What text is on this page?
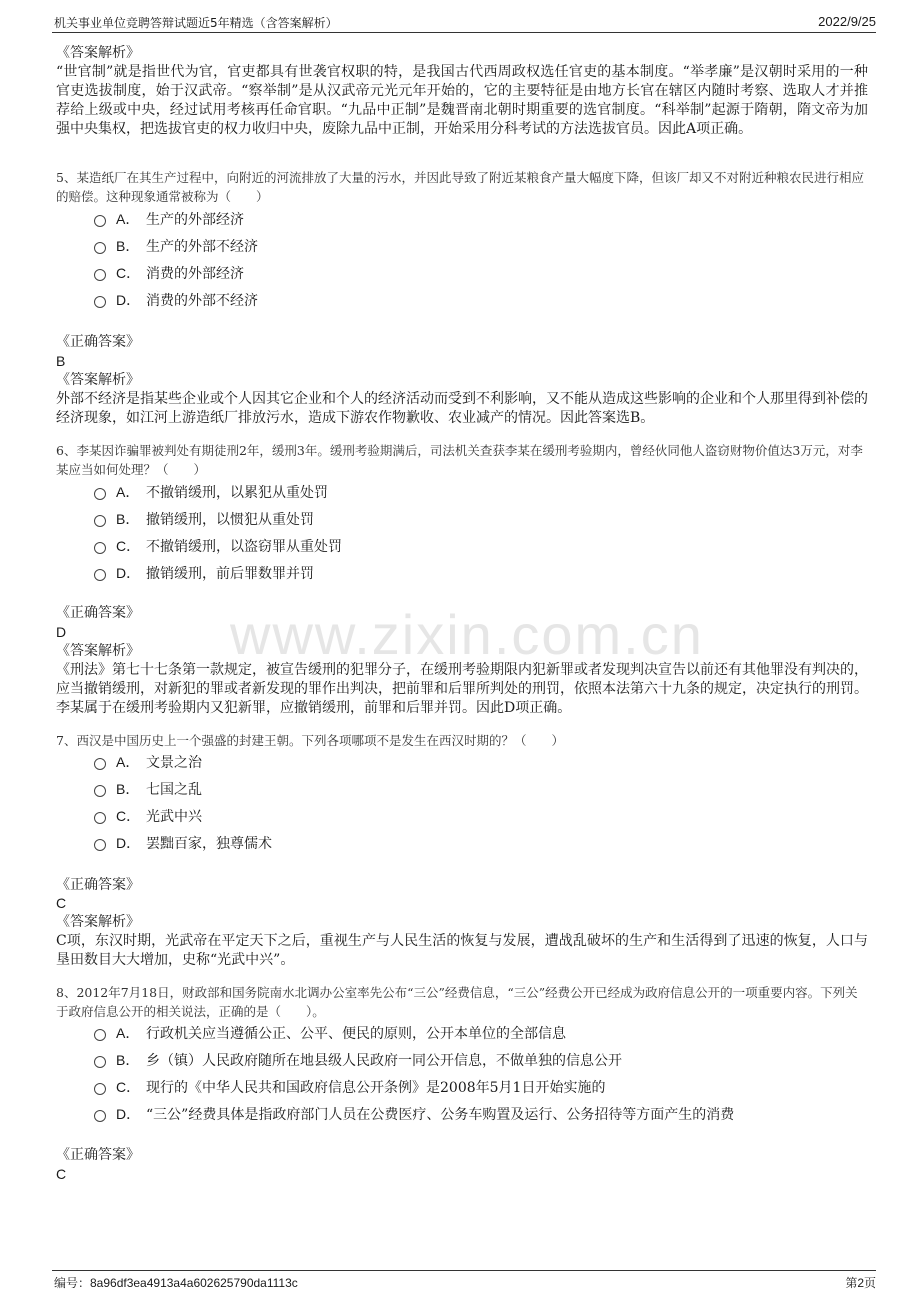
机关事业单位竞聘答辩试题近5年精选（含答案解析）	2022/9/25
www.zixin.com.cn
《答案解析》
“世官制”就是指世代为官，官吏都具有世袭官权职的特，是我国古代西周政权选任官吏的基本制度。“举孝廉”是汉朝时采用的一种官吏选拔制度，始于汉武帝。“察举制”是从汉武帝元光元年开始的，它的主要特征是由地方长官在辖区内随时考察、选取人才并推荐给上级或中央，经过试用考核再任命官职。“九品中正制”是魏晋南北朝时期重要的选官制度。“科举制”起源于隋朝，隋文帝为加强中央集权，把选拔官吏的权力收归中央，废除九品中正制，开始采用分科考试的方法选拔官员。因此A项正确。
5、某造纸厂在其生产过程中，向附近的河流排放了大量的污水，并因此导致了附近某粮食产量大幅度下降，但该厂却又不对附近种粮农民进行相应的赔偿。这种现象通常被称为（　　）
A． 生产的外部经济
B． 生产的外部不经济
C． 消费的外部经济
D． 消费的外部不经济
《正确答案》
B
《答案解析》
外部不经济是指某些企业或个人因其它企业和个人的经济活动而受到不利影响，又不能从造成这些影响的企业和个人那里得到补偿的经济现象，如江河上游造纸厂排放污水，造成下游农作物歉收、农业减产的情况。因此答案选B。
6、李某因诈骗罪被判处有期徒刑2年，缓刑3年。缓刑考验期满后，司法机关查获李某在缓刑考验期内，曾经伙同他人盗窃财物价值达3万元，对李某应当如何处理？（　　）
A． 不撤销缓刑，以累犯从重处罚
B． 撤销缓刑，以惯犯从重处罚
C． 不撤销缓刑，以盗窃罪从重处罚
D． 撤销缓刑，前后罪数罪并罚
《正确答案》
D
《答案解析》
《刑法》第七十七条第一款规定，被宣告缓刑的犯罪分子，在缓刑考验期限内犯新罪或者发现判决宣告以前还有其他罪没有判决的，应当撤销缓刑，对新犯的罪或者新发现的罪作出判决，把前罪和后罪所判处的刑罚，依照本法第六十九条的规定，决定执行的刑罚。李某属于在缓刑考验期内又犯新罪，应撤销缓刑，前罪和后罪并罚。因此D项正确。
7、西汉是中国历史上一个强盛的封建王朝。下列各项哪项不是发生在西汉时期的？（　　）
A． 文景之治
B． 七国之乱
C． 光武中兴
D． 罢黜百家，独尊儒术
《正确答案》
C
《答案解析》
C项，东汉时期，光武帝在平定天下之后，重视生产与人民生活的恢复与发展，遭战乱破坏的生产和生活得到了迅速的恢复，人口与垦田数目大大增加，史称“光武中兴”。
8、2012年7月18日，财政部和国务院南水北调办公室率先公布“三公”经费信息，“三公”经费公开已经成为政府信息公开的一项重要内容。下列关于政府信息公开的相关说法，正确的是（　　）。
A． 行政机关应当遵循公正、公平、便民的原则，公开本单位的全部信息
B． 乡（镇）人民政府随所在地县级人民政府一同公开信息，不做单独的信息公开
C． 现行的《中华人民共和国政府信息公开条例》是2008年5月1日开始实施的
D． “三公”经费具体是指政府部门人员在公费医疗、公务车购置及运行、公务招待等方面产生的消费
《正确答案》
C
编号：8a96df3ea4913a4a602625790da1113c	第2页
